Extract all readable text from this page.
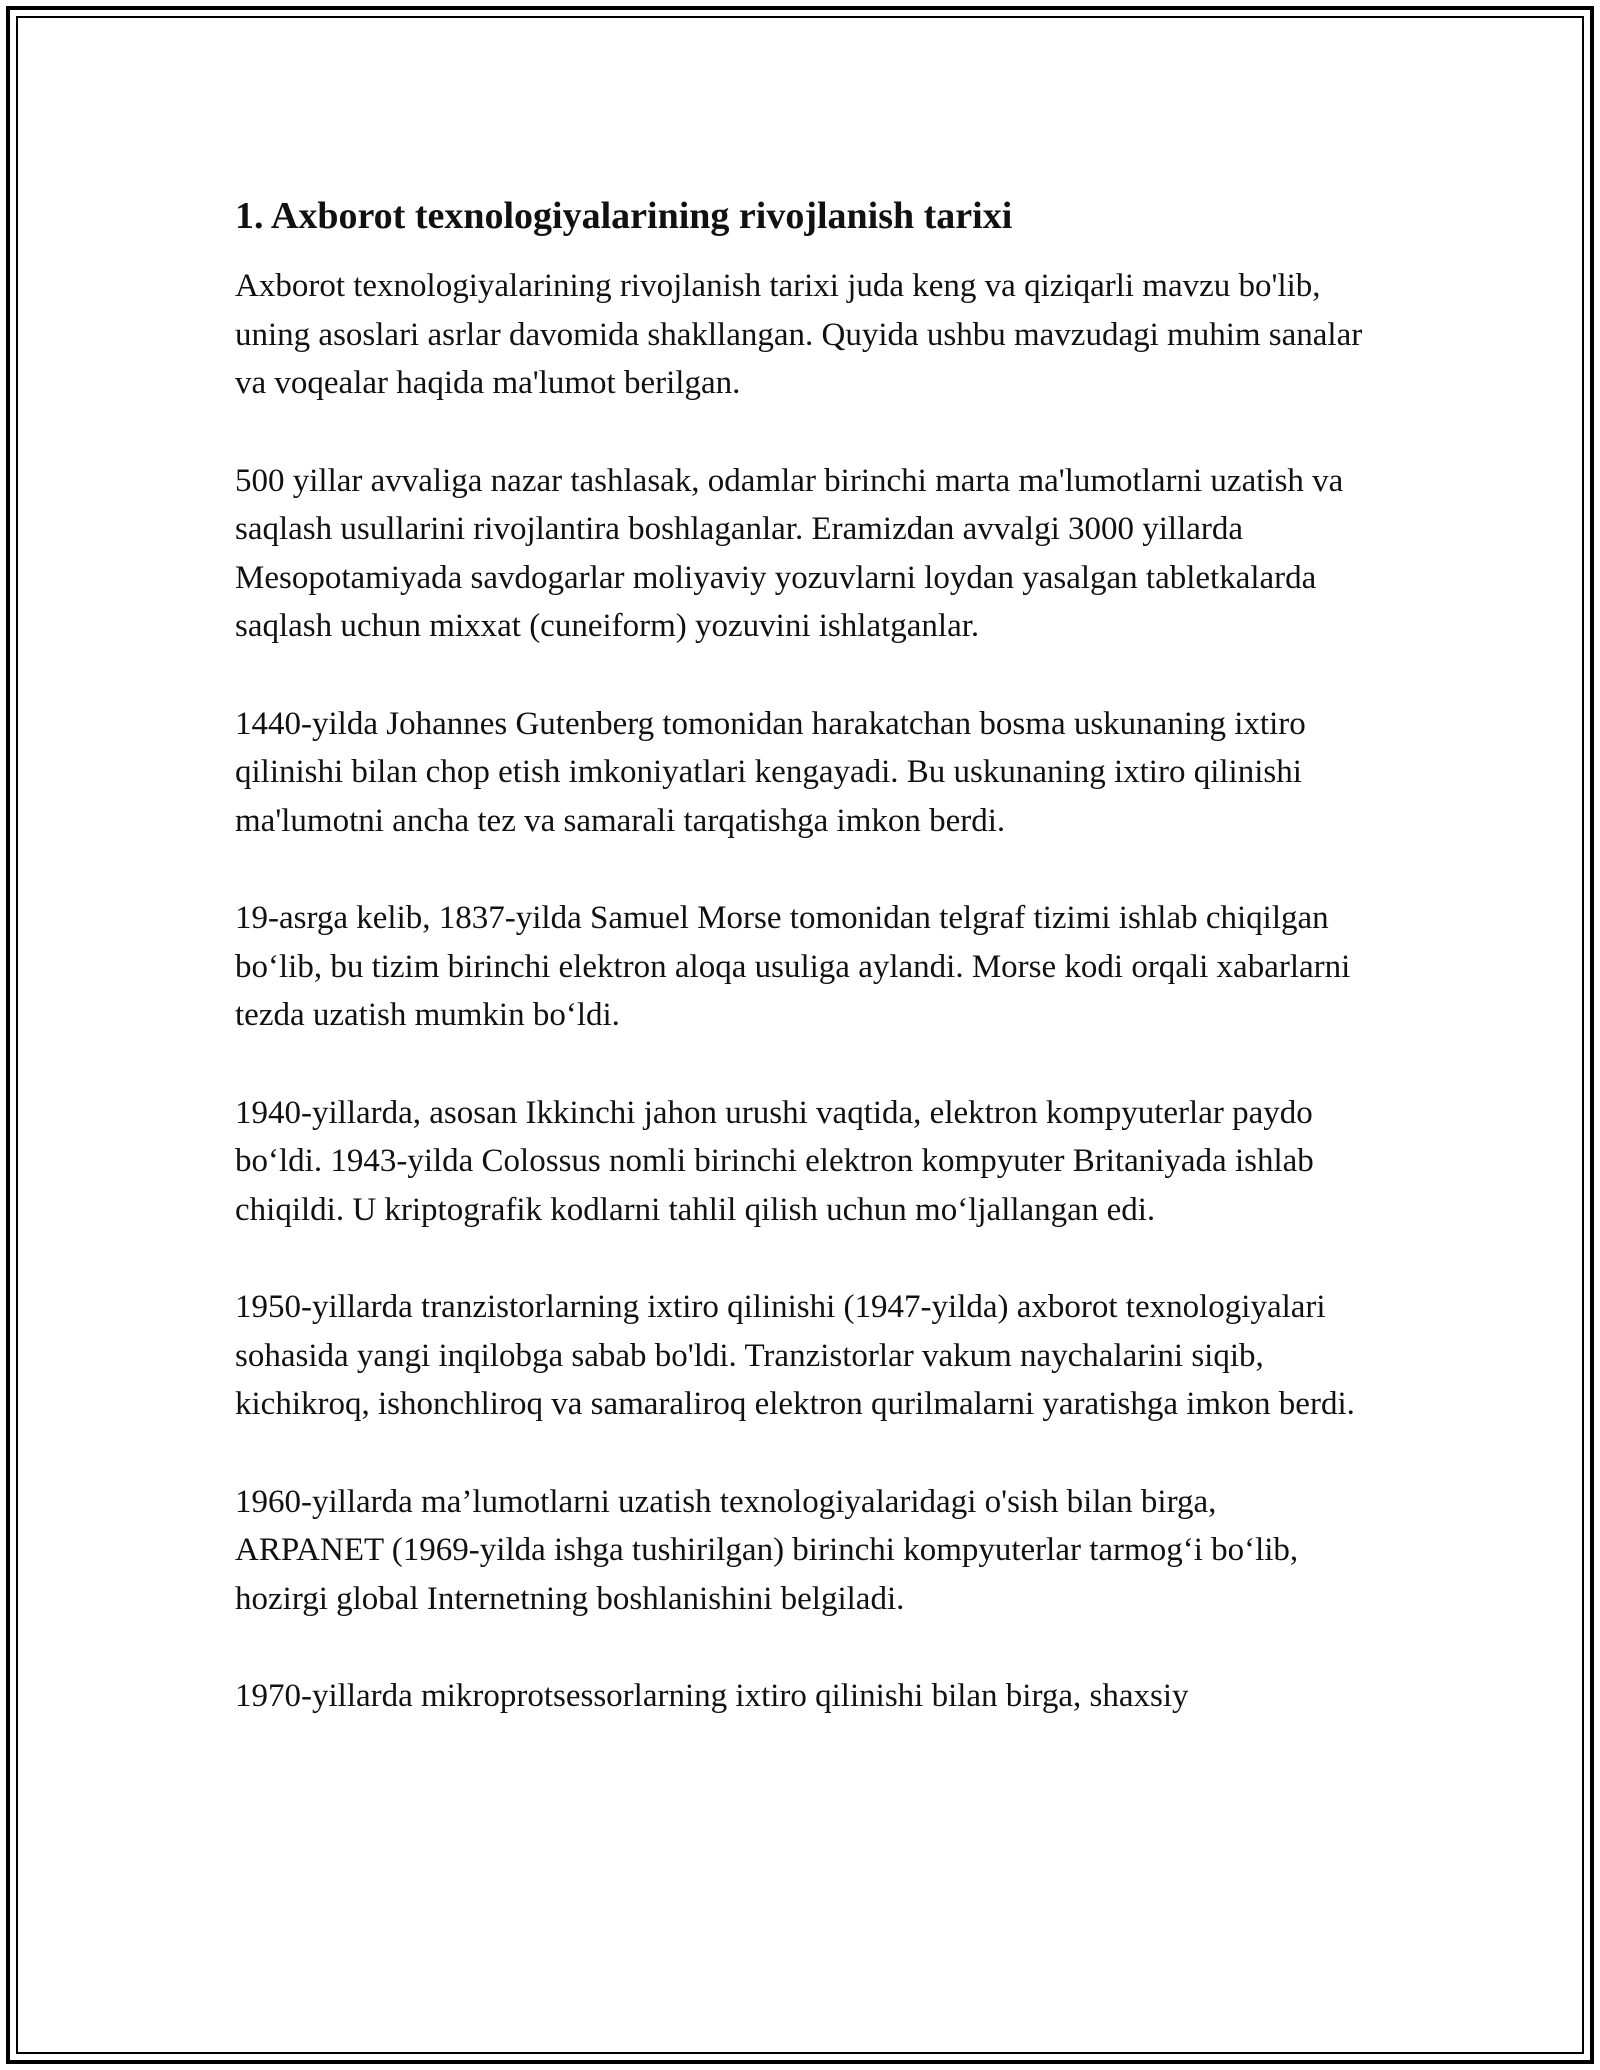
1. Axborot texnologiyalarining rivojlanish tarixi

Axborot texnologiyalarining rivojlanish tarixi juda keng va qiziqarli mavzu bo'lib, uning asoslari asrlar davomida shakllangan. Quyida ushbu mavzudagi muhim sanalar va voqealar haqida ma'lumot berilgan.

500 yillar avvaliga nazar tashlasak, odamlar birinchi marta ma'lumotlarni uzatish va saqlash usullarini rivojlantira boshlaganlar. Eramizdan avvalgi 3000 yillarda Mesopotamiyada savdogarlar moliyaviy yozuvlarni loydan yasalgan tabletkalarda saqlash uchun mixxat (cuneiform) yozuvini ishlatganlar.

1440-yilda Johannes Gutenberg tomonidan harakatchan bosma uskunaning ixtiro qilinishi bilan chop etish imkoniyatlari kengayadi. Bu uskunaning ixtiro qilinishi ma'lumotni ancha tez va samarali tarqatishga imkon berdi.

19-asrga kelib, 1837-yilda Samuel Morse tomonidan telgraf tizimi ishlab chiqilgan bo‘lib, bu tizim birinchi elektron aloqa usuliga aylandi. Morse kodi orqali xabarlarni tezda uzatish mumkin bo‘ldi.

1940-yillarda, asosan Ikkinchi jahon urushi vaqtida, elektron kompyuterlar paydo bo‘ldi. 1943-yilda Colossus nomli birinchi elektron kompyuter Britaniyada ishlab chiqildi. U kriptografik kodlarni tahlil qilish uchun mo‘ljallangan edi.

1950-yillarda tranzistorlarning ixtiro qilinishi (1947-yilda) axborot texnologiyalari sohasida yangi inqilobga sabab bo'ldi. Tranzistorlar vakum naychalarini siqib, kichikroq, ishonchliroq va samaraliroq elektron qurilmalarni yaratishga imkon berdi.

1960-yillarda ma’lumotlarni uzatish texnologiyalaridagi o'sish bilan birga, ARPANET (1969-yilda ishga tushirilgan) birinchi kompyuterlar tarmog‘i bo‘lib, hozirgi global Internetning boshlanishini belgiladi.

1970-yillarda mikroprotsessorlarning ixtiro qilinishi bilan birga, shaxsiy
